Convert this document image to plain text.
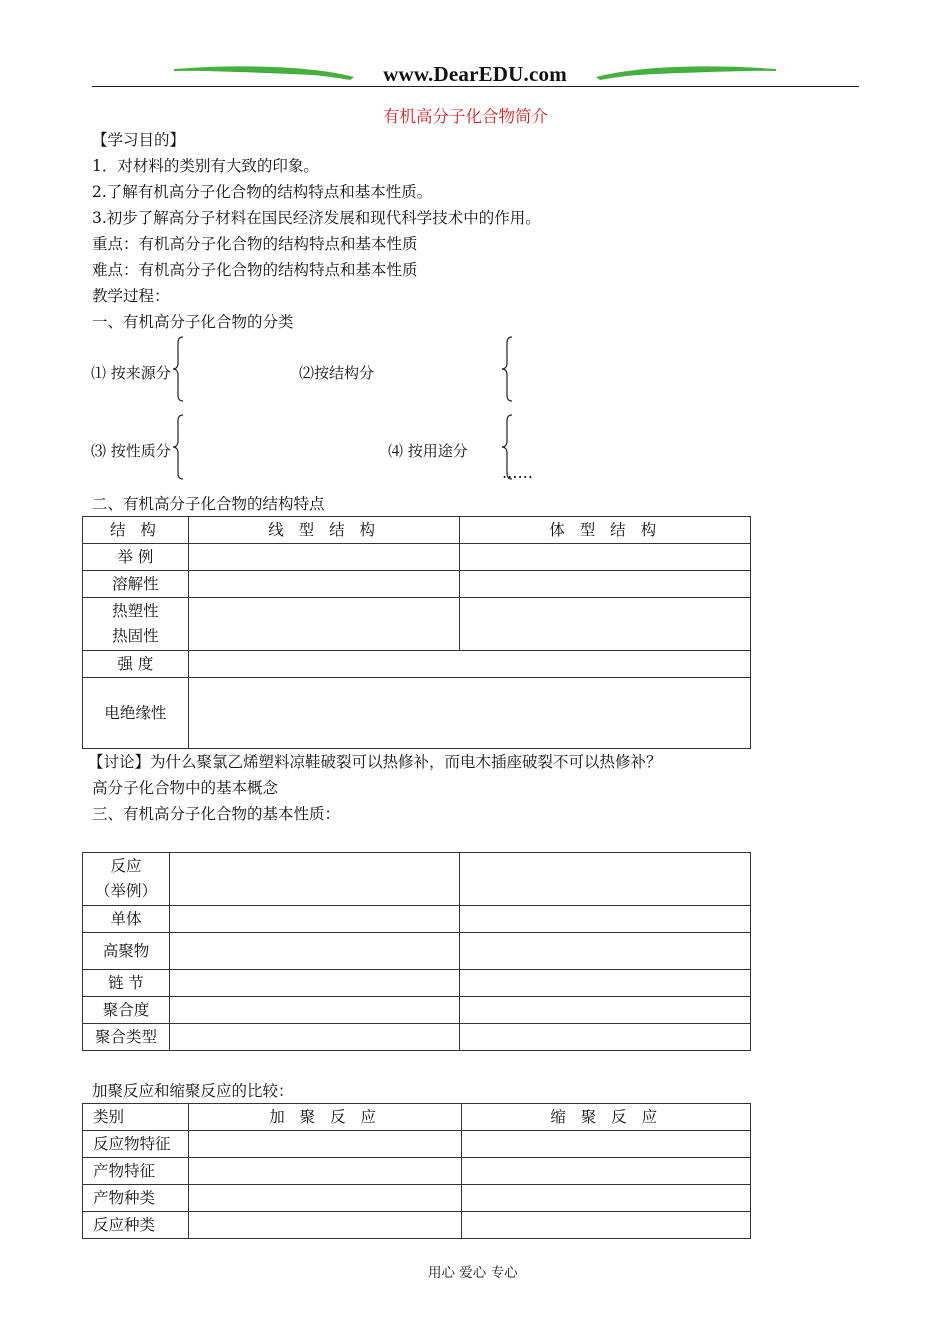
www.DearEDU.com
有机高分子化合物简介
【学习目的】
1．对材料的类别有大致的印象。
2.了解有机高分子化合物的结构特点和基本性质。
3.初步了解高分子材料在国民经济发展和现代科学技术中的作用。
重点：有机高分子化合物的结构特点和基本性质
难点：有机高分子化合物的结构特点和基本性质
教学过程：
一、有机高分子化合物的分类
⑴ 按来源分	⑵按结构分
⑶ 按性质分	⑷ 按用途分
……
二、有机高分子化合物的结构特点
结 构	线 型 结 构	体 型 结 构
举 例		
溶解性		

热塑性
热固性		

强 度		
电绝缘性		
【讨论】为什么聚氯乙烯塑料凉鞋破裂可以热修补，而电木插座破裂不可以热修补？
高分子化合物中的基本概念
三、有机高分子化合物的基本性质：
反应
（举例）		

单体		
高聚物		
链 节		
聚合度		
聚合类型		
加聚反应和缩聚反应的比较：
类别	加 聚 反 应	缩 聚 反 应
反应物特征		
产物特征		
产物种类		
反应种类		
用心 爱心 专心
